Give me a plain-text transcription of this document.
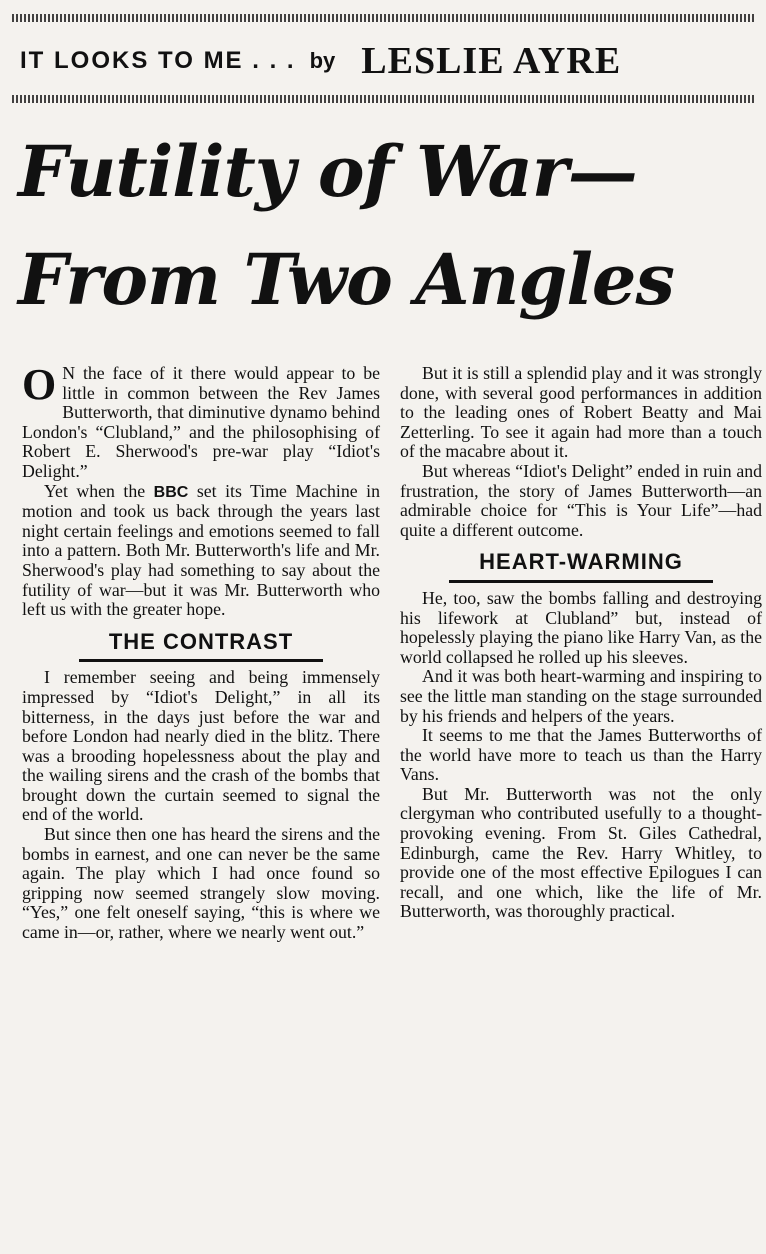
IT LOOKS TO ME . . . by LESLIE AYRE
Futility of War—
From Two Angles

O N the face of it there would appear to be little in common between the Rev James Butterworth, that diminutive dynamo behind London's “Clubland,” and the philosophising of Robert E. Sherwood's pre-war play “Idiot's Delight.”

Yet when the BBC set its Time Machine in motion and took us back through the years last night certain feelings and emotions seemed to fall into a pattern. Both Mr. Butterworth's life and Mr. Sherwood's play had something to say about the futility of war—but it was Mr. Butterworth who left us with the greater hope.

THE CONTRAST

I remember seeing and being immensely impressed by “Idiot's Delight,” in all its bitterness, in the days just before the war and before London had nearly died in the blitz. There was a brooding hopelessness about the play and the wailing sirens and the crash of the bombs that brought down the curtain seemed to signal the end of the world.

But since then one has heard the sirens and the bombs in earnest, and one can never be the same again. The play which I had once found so gripping now seemed strangely slow moving. “Yes,” one felt oneself saying, “this is where we came in—or, rather, where we nearly went out.”

But it is still a splendid play and it was strongly done, with several good performances in addition to the leading ones of Robert Beatty and Mai Zetterling. To see it again had more than a touch of the macabre about it.

But whereas “Idiot's Delight” ended in ruin and frustration, the story of James Butterworth—an admirable choice for “This is Your Life”—had quite a different outcome.

HEART-WARMING

He, too, saw the bombs falling and destroying his lifework at Clubland” but, instead of hopelessly playing the piano like Harry Van, as the world collapsed he rolled up his sleeves.

And it was both heart-warming and inspiring to see the little man standing on the stage surrounded by his friends and helpers of the years.

It seems to me that the James Butterworths of the world have more to teach us than the Harry Vans.

But Mr. Butterworth was not the only clergyman who contributed usefully to a thought-provoking evening. From St. Giles Cathedral, Edinburgh, came the Rev. Harry Whitley, to provide one of the most effective Epilogues I can recall, and one which, like the life of Mr. Butterworth, was thoroughly practical.
